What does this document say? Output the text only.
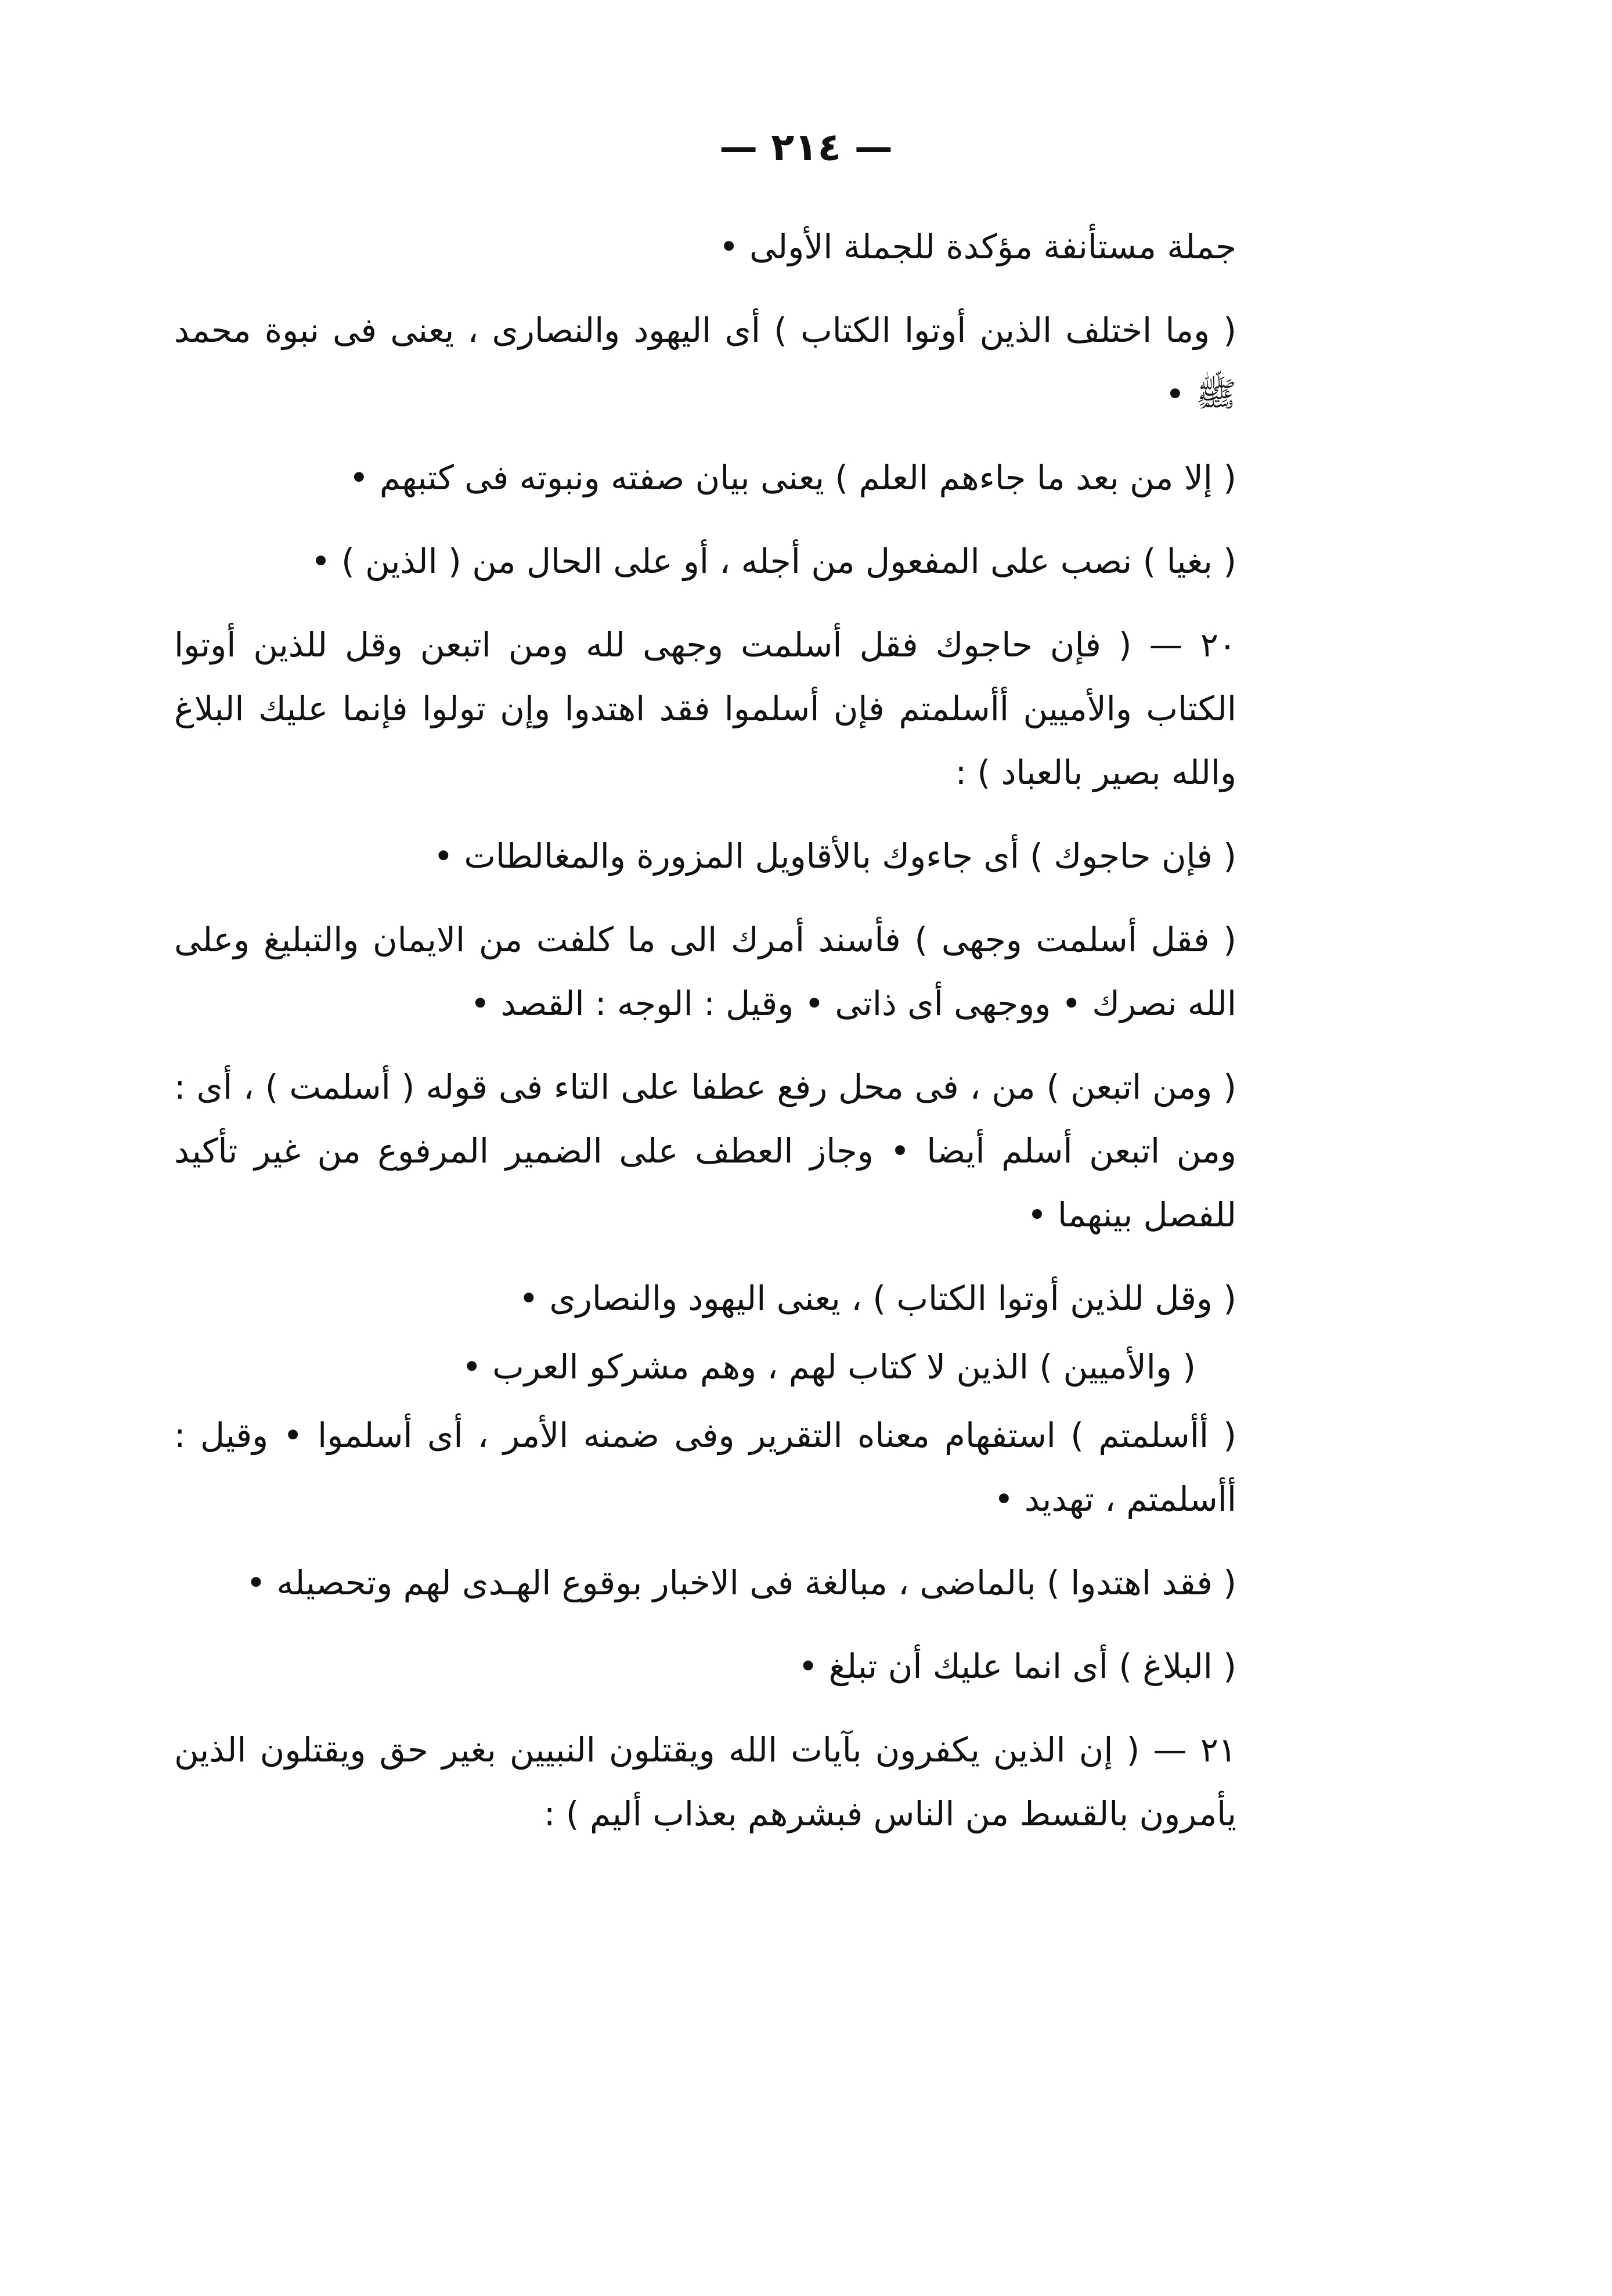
— ٢١٤ —

جملة مستأنفة مؤكدة للجملة الأولى •

( وما اختلف الذين أوتوا الكتاب ) أى اليهود والنصارى ، يعنى فى نبوة محمد ﷺ •

( إلا من بعد ما جاءهم العلم ) يعنى بيان صفته ونبوته فى كتبهم •

( بغيا ) نصب على المفعول من أجله ، أو على الحال من ( الذين ) •

٢٠ — ( فإن حاجوك فقل أسلمت وجهى لله ومن اتبعن وقل للذين أوتوا الكتاب والأميين أأسلمتم فإن أسلموا فقد اهتدوا وإن تولوا فإنما عليك البلاغ والله بصير بالعباد ) :

( فإن حاجوك ) أى جاءوك بالأقاويل المزورة والمغالطات •

( فقل أسلمت وجهى ) فأسند أمرك الى ما كلفت من الايمان والتبليغ وعلى الله نصرك • ووجهى أى ذاتى • وقيل : الوجه : القصد •

( ومن اتبعن ) من ، فى محل رفع عطفا على التاء فى قوله ( أسلمت ) ، أى : ومن اتبعن أسلم أيضا • وجاز العطف على الضمير المرفوع من غير تأكيد للفصل بينهما •

( وقل للذين أوتوا الكتاب ) ، يعنى اليهود والنصارى •

( والأميين ) الذين لا كتاب لهم ، وهم مشركو العرب •

( أأسلمتم ) استفهام معناه التقرير وفى ضمنه الأمر ، أى أسلموا • وقيل : أأسلمتم ، تهديد •

( فقد اهتدوا ) بالماضى ، مبالغة فى الاخبار بوقوع الهـدى لهم وتحصيله •

( البلاغ ) أى انما عليك أن تبلغ •

٢١ — ( إن الذين يكفرون بآيات الله ويقتلون النبيين بغير حق ويقتلون الذين يأمرون بالقسط من الناس فبشرهم بعذاب أليم ) :
